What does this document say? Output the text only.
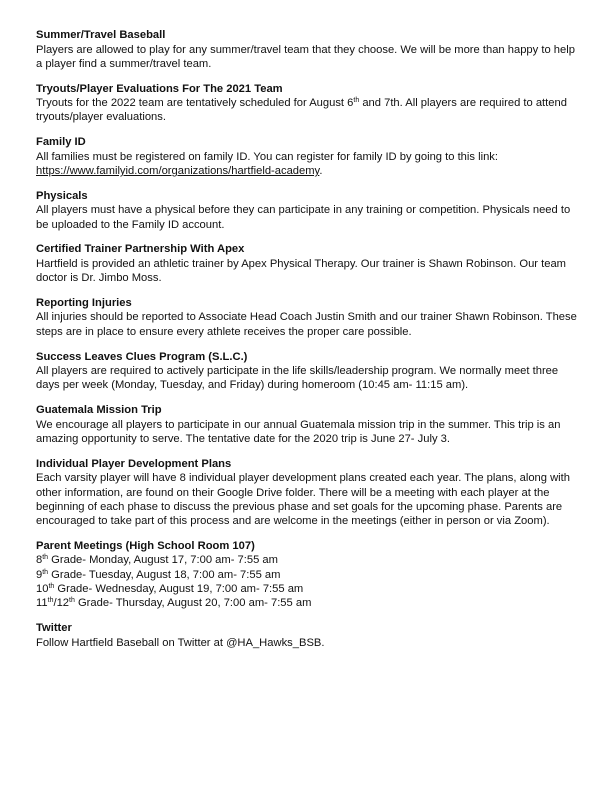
Summer/Travel Baseball

Players are allowed to play for any summer/travel team that they choose. We will be more than happy to help a player find a summer/travel team.

Tryouts/Player Evaluations For The 2021 Team

Tryouts for the 2022 team are tentatively scheduled for August 6th and 7th. All players are required to attend tryouts/player evaluations.

Family ID

All families must be registered on family ID. You can register for family ID by going to this link:
https://www.familyid.com/organizations/hartfield-academy.

Physicals

All players must have a physical before they can participate in any training or competition. Physicals need to be uploaded to the Family ID account.

Certified Trainer Partnership With Apex

Hartfield is provided an athletic trainer by Apex Physical Therapy. Our trainer is Shawn Robinson. Our team doctor is Dr. Jimbo Moss.

Reporting Injuries

All injuries should be reported to Associate Head Coach Justin Smith and our trainer Shawn Robinson. These steps are in place to ensure every athlete receives the proper care possible.

Success Leaves Clues Program (S.L.C.)

All players are required to actively participate in the life skills/leadership program. We normally meet three days per week (Monday, Tuesday, and Friday) during homeroom (10:45 am- 11:15 am).

Guatemala Mission Trip

We encourage all players to participate in our annual Guatemala mission trip in the summer. This trip is an amazing opportunity to serve. The tentative date for the 2020 trip is June 27- July 3.

Individual Player Development Plans

Each varsity player will have 8 individual player development plans created each year. The plans, along with other information, are found on their Google Drive folder. There will be a meeting with each player at the beginning of each phase to discuss the previous phase and set goals for the upcoming phase. Parents are encouraged to take part of this process and are welcome in the meetings (either in person or via Zoom).

Parent Meetings (High School Room 107)
8th Grade- Monday, August 17, 7:00 am- 7:55 am
9th Grade- Tuesday, August 18, 7:00 am- 7:55 am
10th Grade- Wednesday, August 19, 7:00 am- 7:55 am
11th/12th Grade- Thursday, August 20, 7:00 am- 7:55 am
Twitter

Follow Hartfield Baseball on Twitter at @HA_Hawks_BSB.
